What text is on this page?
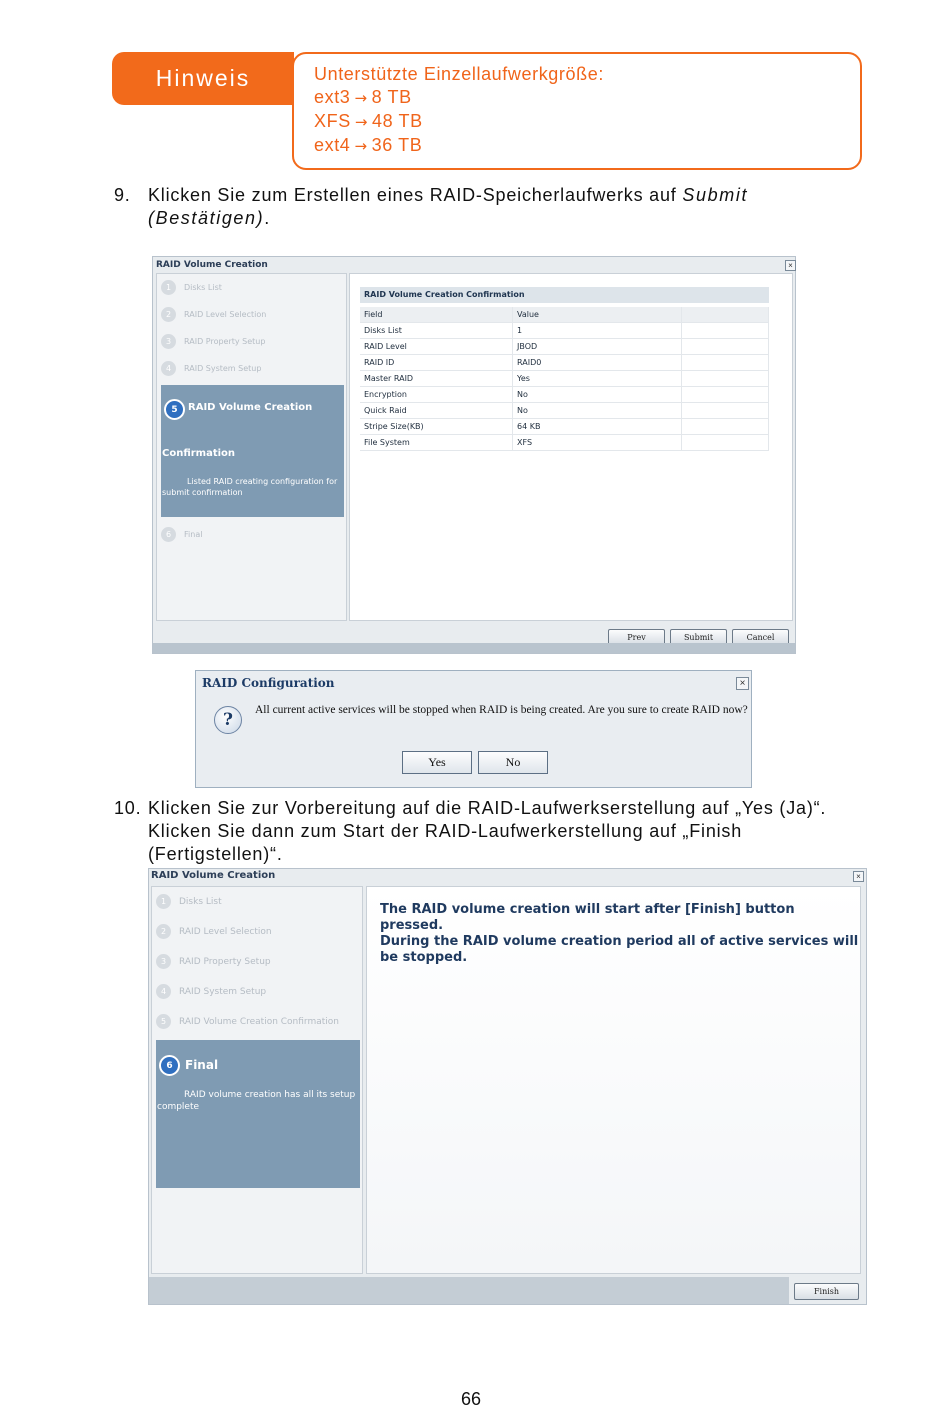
Hinweis	Unterstützte Einzellaufwerkgröße:
ext3 → 8 TB
XFS → 48 TB
ext4 → 36 TB
9. Klicken Sie zum Erstellen eines RAID-Speicherlaufwerks auf Submit
(Bestätigen).
RAID Volume Creation	×
1	Disks List
2	RAID Level Selection
3	RAID Property Setup
4	RAID System Setup
5	RAID Volume Creation
Confirmation
Listed RAID creating configuration for
submit confirmation
6	Final
RAID Volume Creation Confirmation
Field	Value	
Disks List	1	
RAID Level	JBOD	
RAID ID	RAID0	
Master RAID	Yes	
Encryption	No	
Quick Raid	No	
Stripe Size(KB)	64 KB	
File System	XFS	
Prev	Submit	Cancel
RAID Configuration	×
?	All current active services will be stopped when RAID is being created. Are you sure to create RAID now?
Yes	No
10. Klicken Sie zur Vorbereitung auf die RAID-Laufwerkserstellung auf „Yes (Ja)“.
Klicken Sie dann zum Start der RAID-Laufwerkerstellung auf „Finish
(Fertigstellen)“.
RAID Volume Creation	×
1	Disks List
2	RAID Level Selection
3	RAID Property Setup
4	RAID System Setup
5	RAID Volume Creation Confirmation
6	Final
RAID volume creation has all its setup
complete
The RAID volume creation will start after [Finish] button pressed.
During the RAID volume creation period all of active services will
be stopped.
Finish
66
